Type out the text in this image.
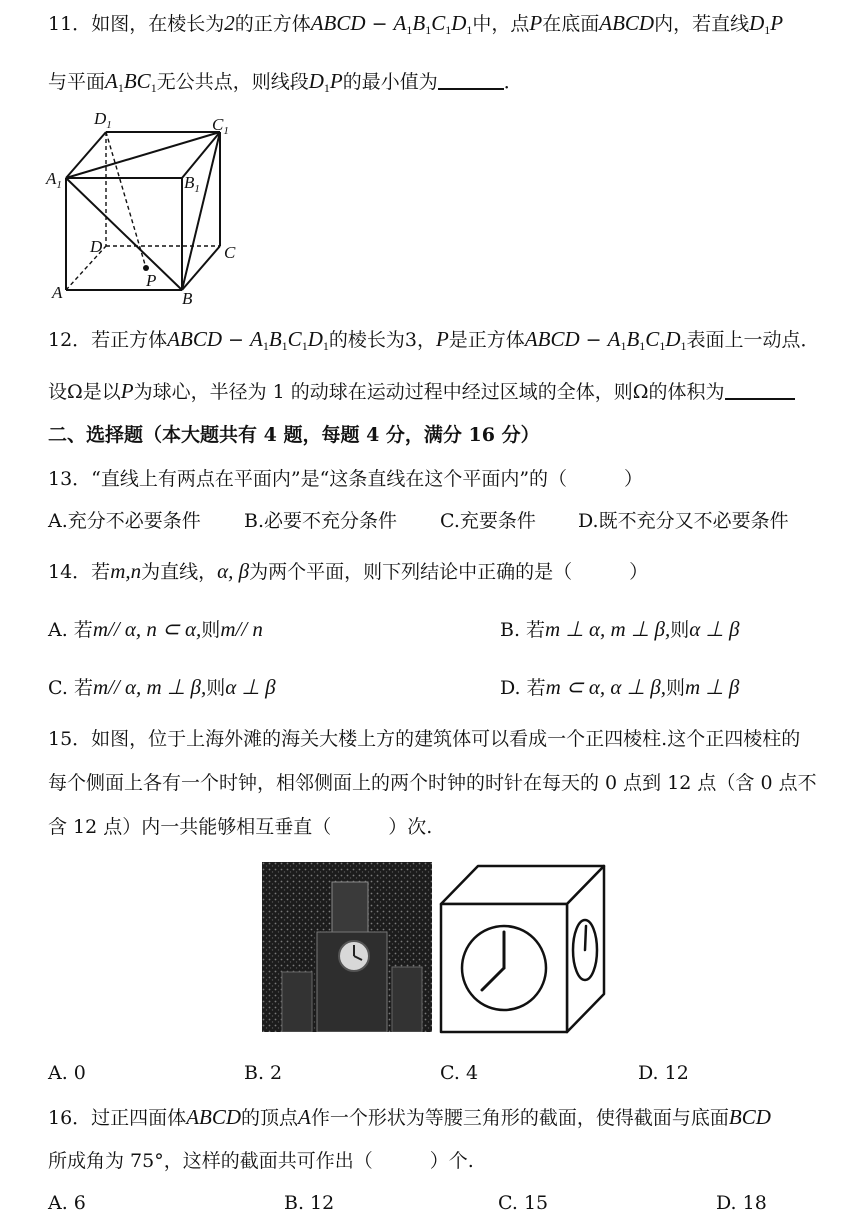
11．如图，在棱长为2的正方体ABCD − $A_1B_1C_1D_1$中，点P在底面ABCD内，若直线$D_1P$
与平面$A_1BC_1$无公共点，则线段$D_1P$的最小值为	．
$D_1$	$C_1$
$A_1$	$B_1$
D	C
A	B
P
12．若正方体ABCD − $A_1B_1C_1D_1$的棱长为3，P是正方体ABCD − $A_1B_1C_1D_1$表面上一动点．
设Ω是以P为球心，半径为 1 的动球在运动过程中经过区域的全体，则Ω的体积为
二、选择题（本大题共有 4 题，每题 4 分，满分 16 分）
13．“直线上有两点在平面内”是“这条直线在这个平面内”的（　　　）
A.充分不必要条件 B.必要不充分条件 C.充要条件 D.既不充分又不必要条件
14．若m,n为直线，α, β为两个平面，则下列结论中正确的是（　　　）
A. 若m// α, n ⊂ α,则m// n	B. 若m ⊥ α, m ⊥ β,则α ⊥ β
C. 若m// α, m ⊥ β,则α ⊥ β	D. 若m ⊂ α, α ⊥ β,则m ⊥ β
15．如图，位于上海外滩的海关大楼上方的建筑体可以看成一个正四棱柱.这个正四棱柱的
每个侧面上各有一个时钟，相邻侧面上的两个时钟的时针在每天的 0 点到 12 点（含 0 点不
含 12 点）内一共能够相互垂直（　　　）次.
A. 0	B. 2	C. 4	D. 12
16．过正四面体ABCD的顶点A作一个形状为等腰三角形的截面，使得截面与底面BCD
所成角为 75°，这样的截面共可作出（　　　）个.
A. 6	B. 12	C. 15	D. 18
